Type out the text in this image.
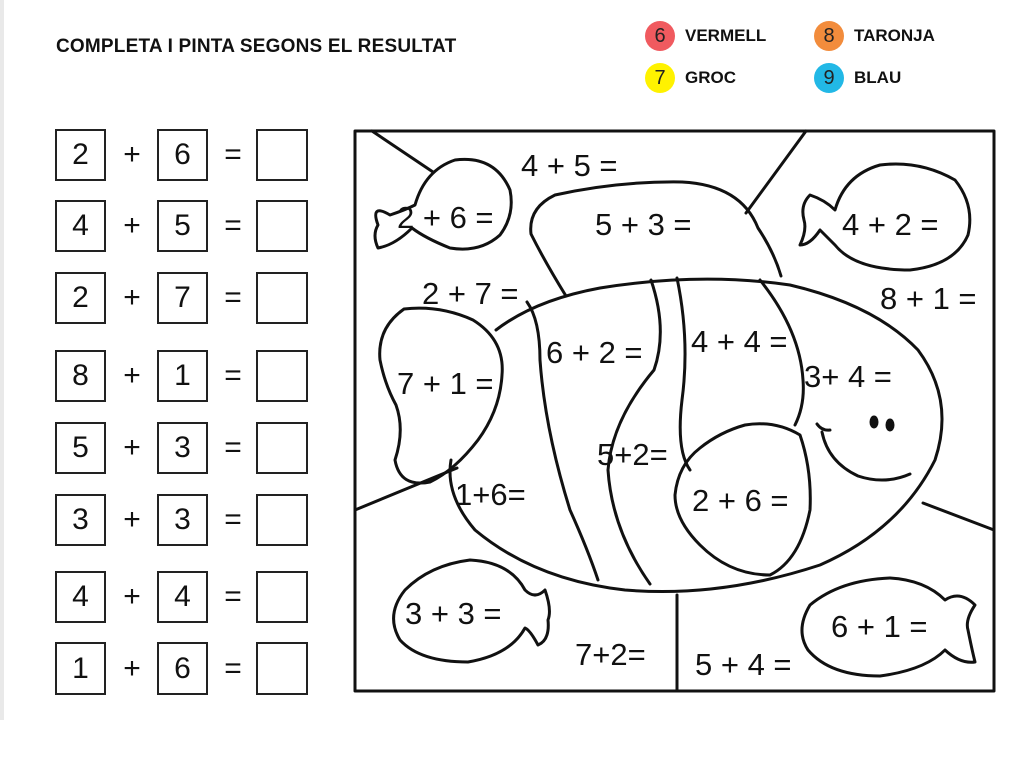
COMPLETA I PINTA SEGONS EL RESULTAT	6	VERMELL	8	TARONJA
7	GROC	9	BLAU
2	+	6	=
4	+	5	=
2	+	7	=
8	+	1	=
5	+	3	=
3	+	3	=
4	+	4	=
1	+	6	=
4 + 5 =
2 + 6 =	5 + 3 =	4 + 2 =
2 + 7 =	8 + 1 =
7 + 1 =
6 + 2 = 4 + 4 =
3+ 4 =
5+2=
1+6=	2 + 6 =
3 + 3 =	6 + 1 =
7+2= 5 + 4 =
